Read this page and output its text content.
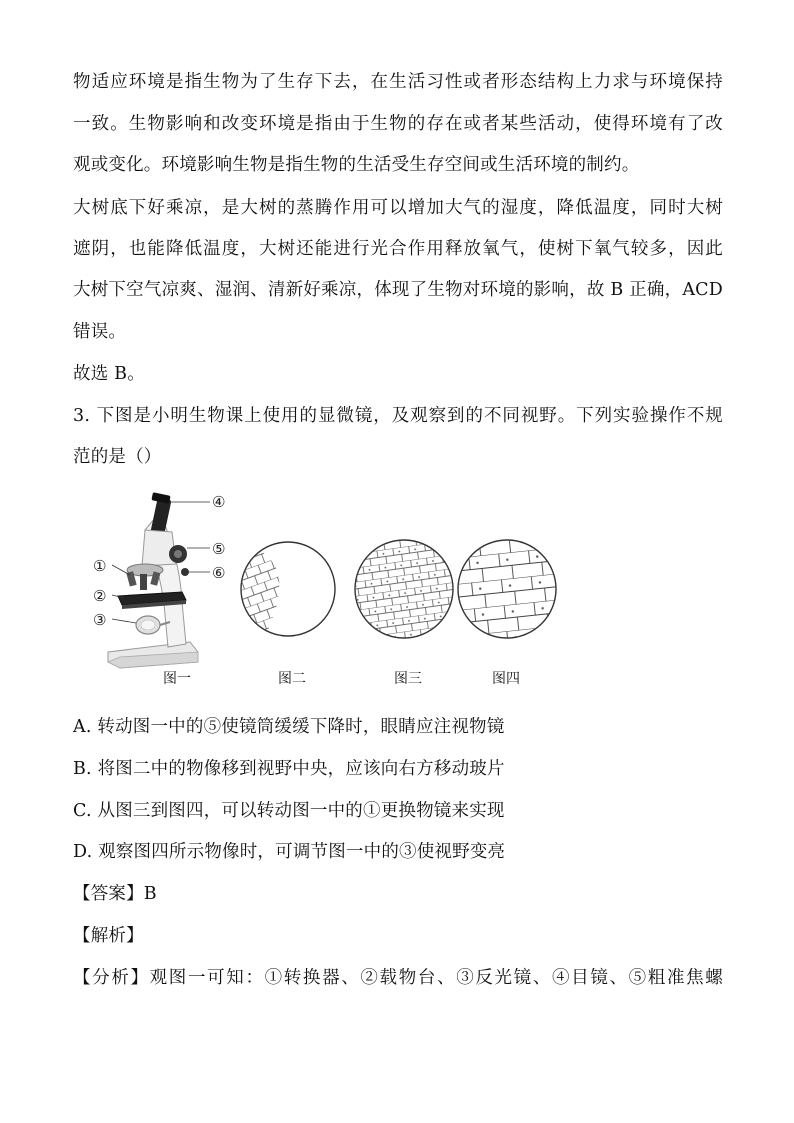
物适应环境是指生物为了生存下去，在生活习性或者形态结构上力求与环境保持
一致。生物影响和改变环境是指由于生物的存在或者某些活动，使得环境有了改
观或变化。环境影响生物是指生物的生活受生存空间或生活环境的制约。
大树底下好乘凉，是大树的蒸腾作用可以增加大气的湿度，降低温度，同时大树
遮阴，也能降低温度，大树还能进行光合作用释放氧气，使树下氧气较多，因此
大树下空气凉爽、湿润、清新好乘凉，体现了生物对环境的影响，故 B 正确，ACD
错误。
故选 B。
3. 下图是小明生物课上使用的显微镜，及观察到的不同视野。下列实验操作不规
范的是（）
①
②
③
④
⑤
⑥
图一	图二	图三	图四
A. 转动图一中的⑤使镜筒缓缓下降时，眼睛应注视物镜
B. 将图二中的物像移到视野中央，应该向右方移动玻片
C. 从图三到图四，可以转动图一中的①更换物镜来实现
D. 观察图四所示物像时，可调节图一中的③使视野变亮
【答案】B
【解析】
【分析】观图一可知：①转换器、②载物台、③反光镜、④目镜、⑤粗准焦螺
